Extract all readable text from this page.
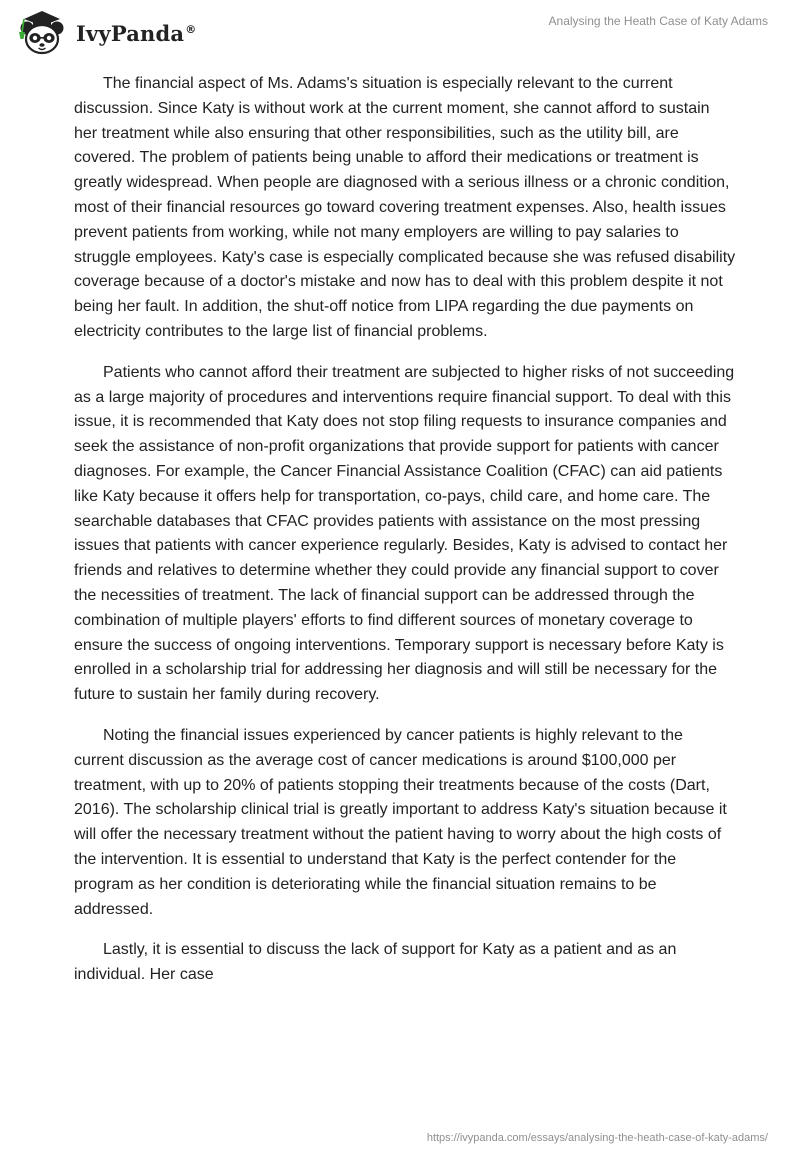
IvyPanda®
Analysing the Heath Case of Katy Adams

The financial aspect of Ms. Adams's situation is especially relevant to the current discussion. Since Katy is without work at the current moment, she cannot afford to sustain her treatment while also ensuring that other responsibilities, such as the utility bill, are covered. The problem of patients being unable to afford their medications or treatment is greatly widespread. When people are diagnosed with a serious illness or a chronic condition, most of their financial resources go toward covering treatment expenses. Also, health issues prevent patients from working, while not many employers are willing to pay salaries to struggle employees. Katy's case is especially complicated because she was refused disability coverage because of a doctor's mistake and now has to deal with this problem despite it not being her fault. In addition, the shut-off notice from LIPA regarding the due payments on electricity contributes to the large list of financial problems.

Patients who cannot afford their treatment are subjected to higher risks of not succeeding as a large majority of procedures and interventions require financial support. To deal with this issue, it is recommended that Katy does not stop filing requests to insurance companies and seek the assistance of non-profit organizations that provide support for patients with cancer diagnoses. For example, the Cancer Financial Assistance Coalition (CFAC) can aid patients like Katy because it offers help for transportation, co-pays, child care, and home care. The searchable databases that CFAC provides patients with assistance on the most pressing issues that patients with cancer experience regularly. Besides, Katy is advised to contact her friends and relatives to determine whether they could provide any financial support to cover the necessities of treatment. The lack of financial support can be addressed through the combination of multiple players' efforts to find different sources of monetary coverage to ensure the success of ongoing interventions. Temporary support is necessary before Katy is enrolled in a scholarship trial for addressing her diagnosis and will still be necessary for the future to sustain her family during recovery.

Noting the financial issues experienced by cancer patients is highly relevant to the current discussion as the average cost of cancer medications is around $100,000 per treatment, with up to 20% of patients stopping their treatments because of the costs (Dart, 2016). The scholarship clinical trial is greatly important to address Katy's situation because it will offer the necessary treatment without the patient having to worry about the high costs of the intervention. It is essential to understand that Katy is the perfect contender for the program as her condition is deteriorating while the financial situation remains to be addressed.

Lastly, it is essential to discuss the lack of support for Katy as a patient and as an individual. Her case

https://ivypanda.com/essays/analysing-the-heath-case-of-katy-adams/
